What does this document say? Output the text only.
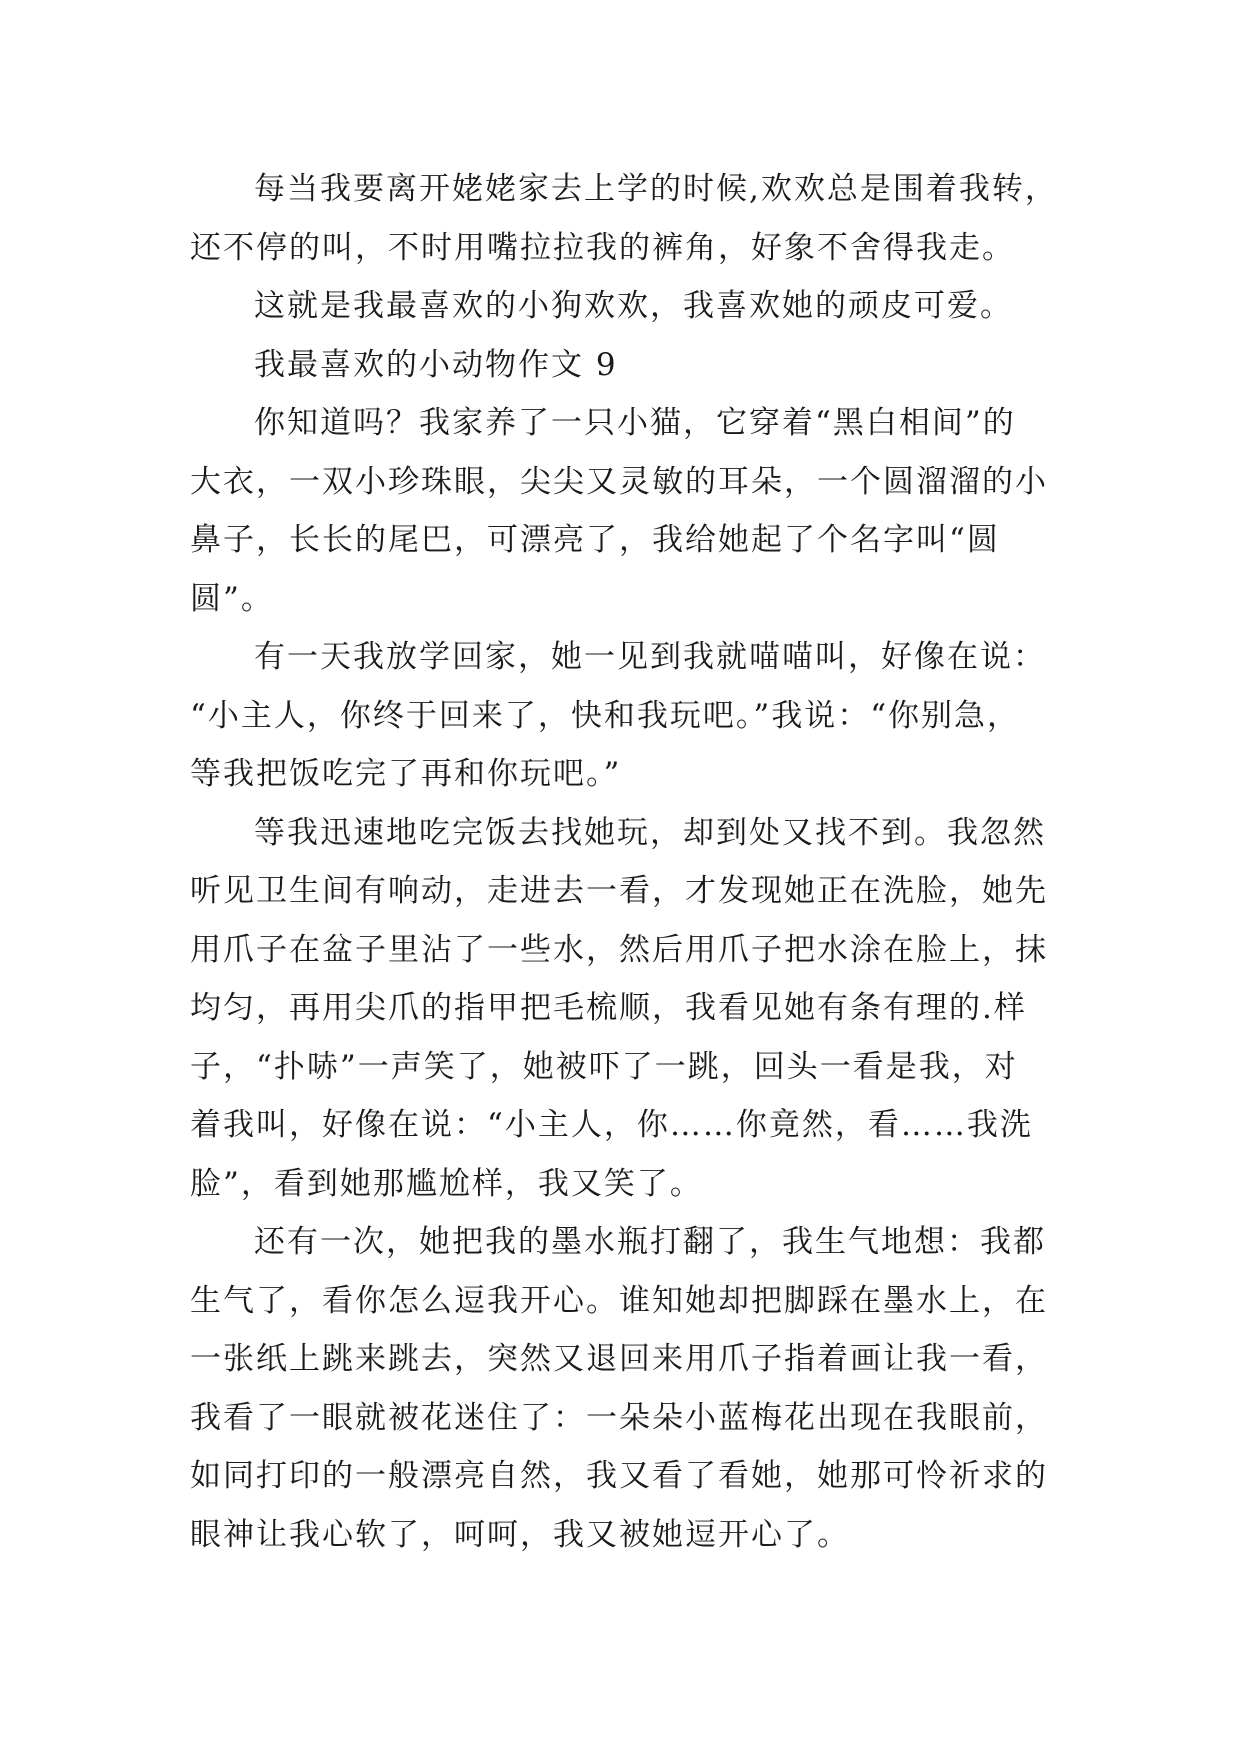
每当我要离开姥姥家去上学的时候,欢欢总是围着我转，
还不停的叫，不时用嘴拉拉我的裤角，好象不舍得我走。
这就是我最喜欢的小狗欢欢，我喜欢她的顽皮可爱。
我最喜欢的小动物作文 9
你知道吗？我家养了一只小猫，它穿着“黑白相间”的
大衣，一双小珍珠眼，尖尖又灵敏的耳朵，一个圆溜溜的小
鼻子，长长的尾巴，可漂亮了，我给她起了个名字叫“圆
圆”。
有一天我放学回家，她一见到我就喵喵叫，好像在说：
“小主人，你终于回来了，快和我玩吧。”我说：“你别急，
等我把饭吃完了再和你玩吧。”
等我迅速地吃完饭去找她玩，却到处又找不到。我忽然
听见卫生间有响动，走进去一看，才发现她正在洗脸，她先
用爪子在盆子里沾了一些水，然后用爪子把水涂在脸上，抹
均匀，再用尖爪的指甲把毛梳顺，我看见她有条有理的.样
子，“扑哧”一声笑了，她被吓了一跳，回头一看是我，对
着我叫，好像在说：“小主人，你……你竟然，看……我洗
脸”，看到她那尴尬样，我又笑了。
还有一次，她把我的墨水瓶打翻了，我生气地想：我都
生气了，看你怎么逗我开心。谁知她却把脚踩在墨水上，在
一张纸上跳来跳去，突然又退回来用爪子指着画让我一看，
我看了一眼就被花迷住了：一朵朵小蓝梅花出现在我眼前，
如同打印的一般漂亮自然，我又看了看她，她那可怜祈求的
眼神让我心软了，呵呵，我又被她逗开心了。
